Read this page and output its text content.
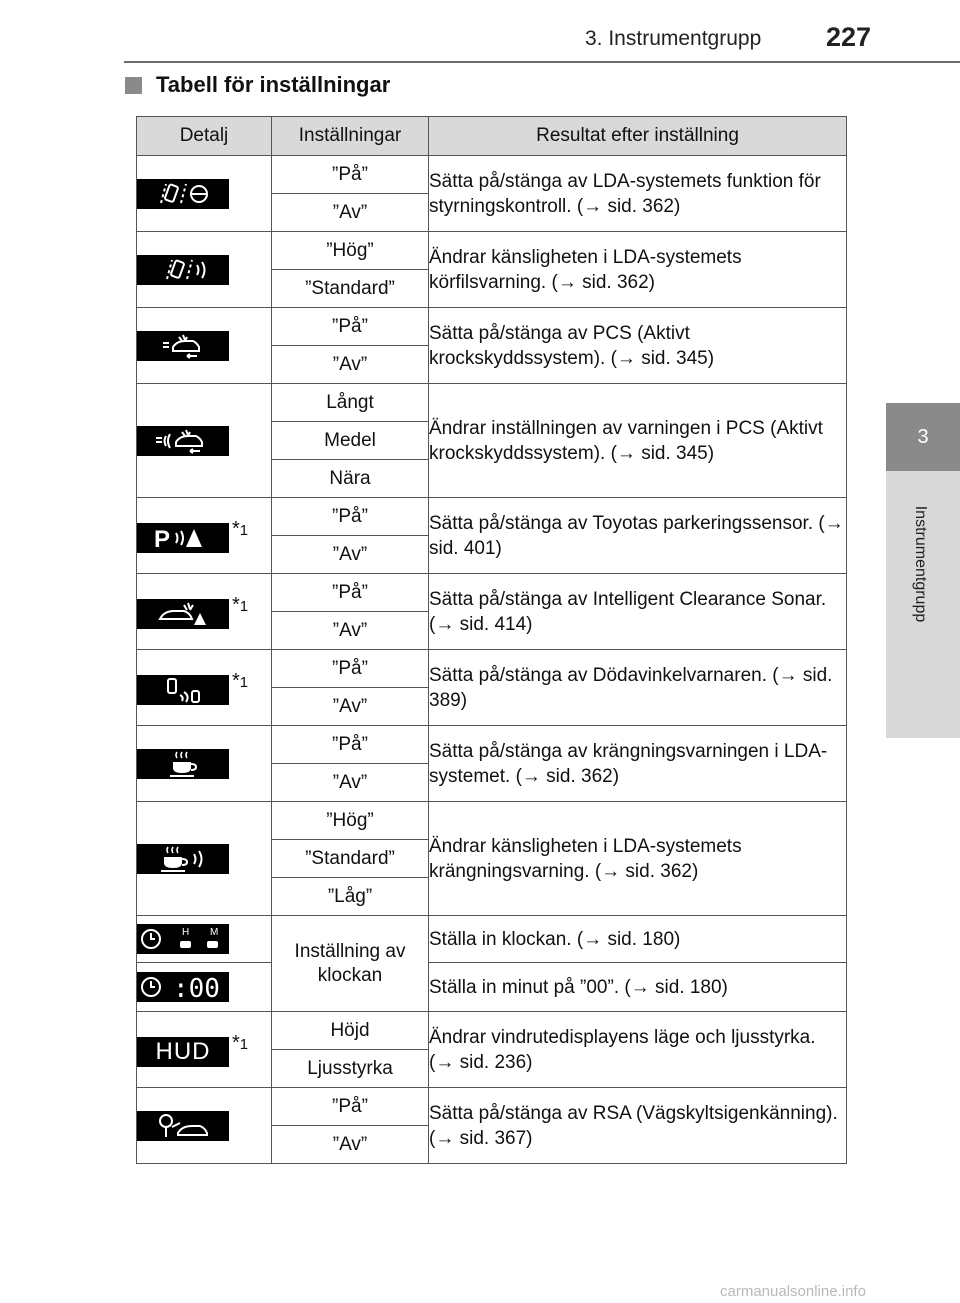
3. Instrumentgrupp 227
3
Instrumentgrupp
Tabell för inställningar
Detalj	Inställningar	Resultat efter inställning

	”På”	Sätta på/stänga av LDA-systemets funktion för styrningskontroll. (→ sid. 362)
	”Av”	

	”Hög”	Ändrar känsligheten i LDA-systemets körfilsvarning. (→ sid. 362)
	”Standard”	

	”På”	Sätta på/stänga av PCS (Aktivt krockskyddssystem). (→ sid. 345)
	”Av”	

	Långt	Ändrar inställningen av varningen i PCS (Aktivt krockskyddssystem). (→ sid. 345)
	Medel	
	Nära	

P $^{*1}$	”På”	Sätta på/stänga av Toyotas parkeringssensor. (→ sid. 401)
	”Av”	

$^{*1}$	”På”	Sätta på/stänga av Intelligent Clearance Sonar. (→ sid. 414)
	”Av”	

$^{*1}$	”På”	Sätta på/stänga av Dödavinkelvarnaren. (→ sid. 389)
	”Av”	

	”På”	Sätta på/stänga av krängningsvarningen i LDA-systemet. (→ sid. 362)
	”Av”	

	”Hög”	Ändrar känsligheten i LDA-systemets krängningsvarning. (→ sid. 362)
	”Standard”	
	”Låg”	

H M	Inställning av klockan	Ställa in klockan. (→ sid. 180)

:00		Ställa in minut på ”00”. (→ sid. 180)

HUD $^{*1}$	Höjd	Ändrar vindrutedisplayens läge och ljusstyrka. (→ sid. 236)
	Ljusstyrka	

	”På”	Sätta på/stänga av RSA (Vägskyltsigenkänning). (→ sid. 367)
	”Av”	
carmanualsonline.info
